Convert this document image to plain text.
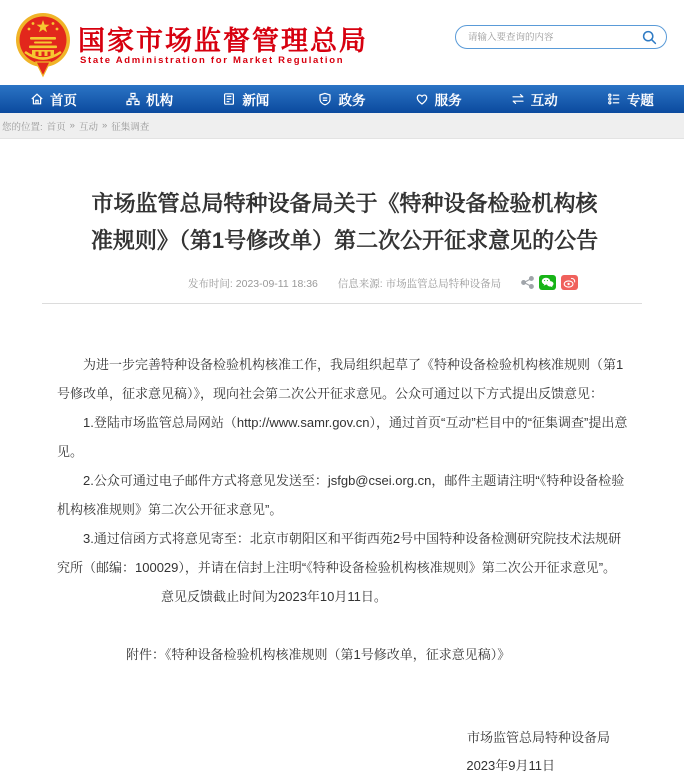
国家市场监督管理总局
State Administration for Market Regulation
请输入要查询的内容
首页	机构	新闻	政务	服务	互动	专题
您的位置: 首页 » 互动 » 征集调查
市场监管总局特种设备局关于《特种设备检验机构核准规则》（第1号修改单）第二次公开征求意见的公告
发布时间: 2023-09-11 18:36 信息来源: 市场监管总局特种设备局

为进一步完善特种设备检验机构核准工作，我局组织起草了《特种设备检验机构核准规则（第1号修改单，征求意见稿）》，现向社会第二次公开征求意见。公众可通过以下方式提出反馈意见：

1.登陆市场监管总局网站（http://www.samr.gov.cn），通过首页“互动”栏目中的“征集调查”提出意见。

2.公众可通过电子邮件方式将意见发送至：jsfgb@csei.org.cn，邮件主题请注明“《特种设备检验机构核准规则》第二次公开征求意见”。

3.通过信函方式将意见寄至：北京市朝阳区和平街西苑2号中国特种设备检测研究院技术法规研究所（邮编：100029），并请在信封上注明“《特种设备检验机构核准规则》第二次公开征求意见”。

意见反馈截止时间为2023年10月11日。

附件：《特种设备检验机构核准规则（第1号修改单，征求意见稿）》

市场监管总局特种设备局
2023年9月11日
